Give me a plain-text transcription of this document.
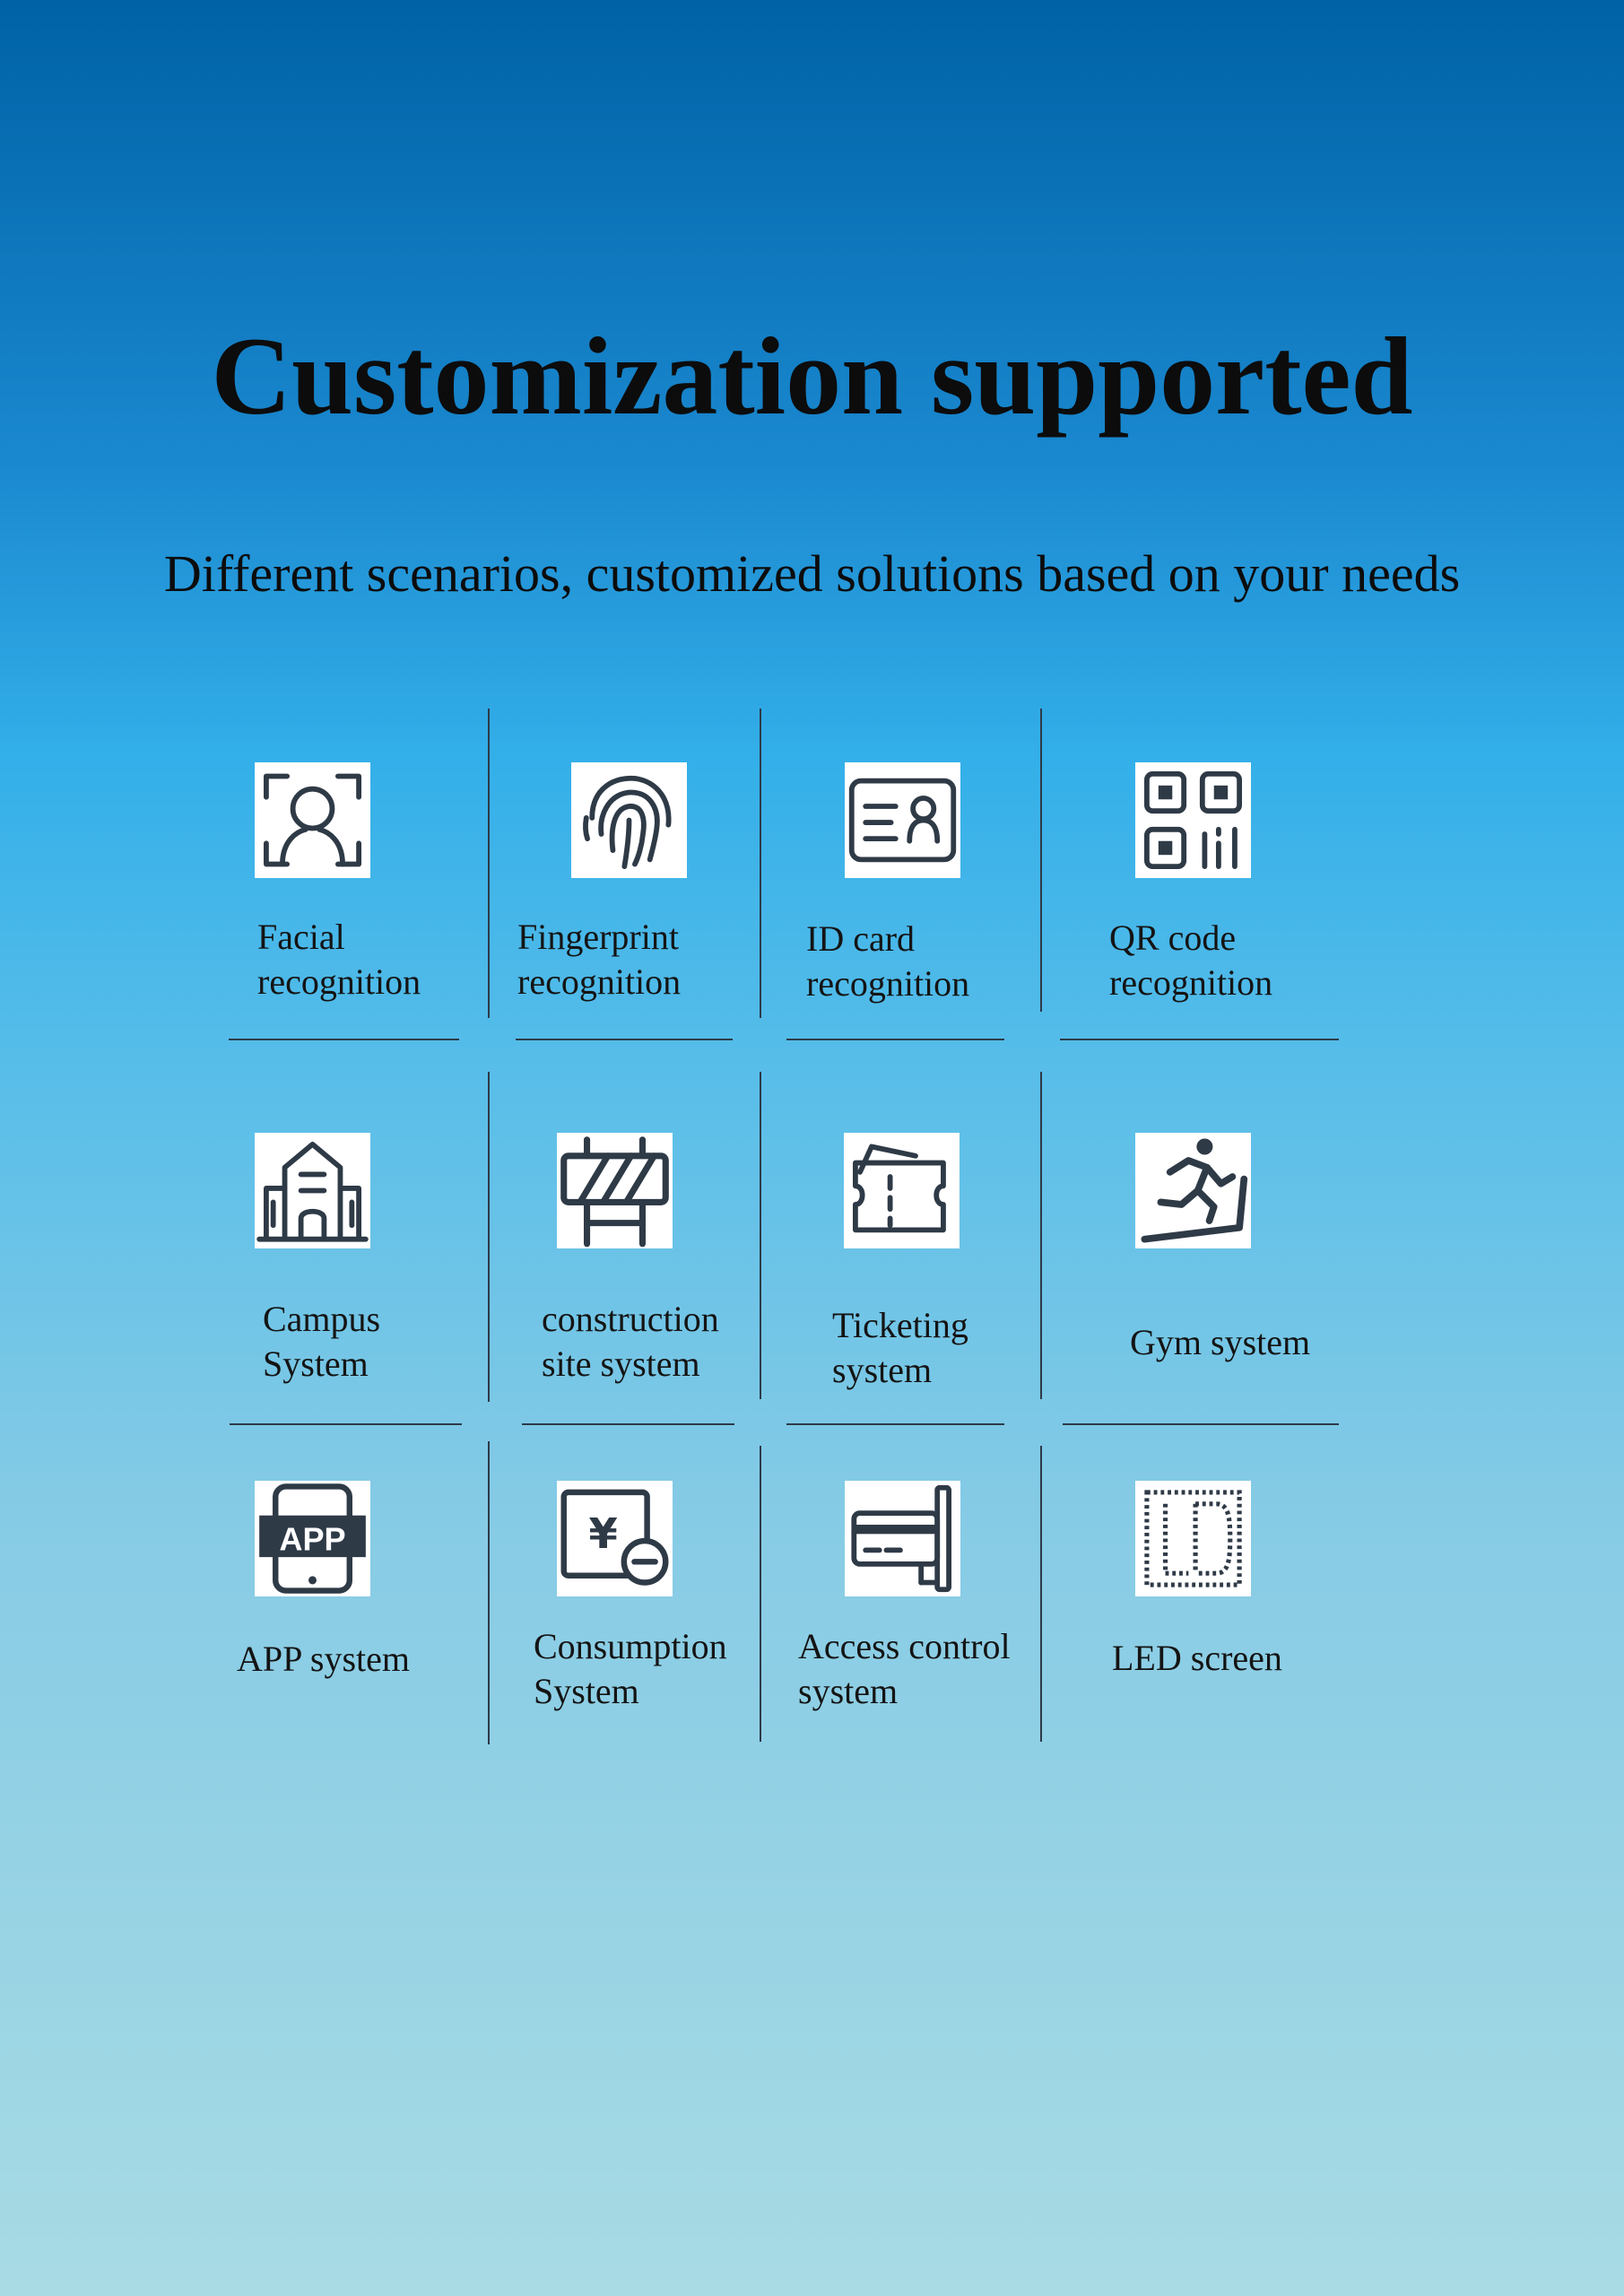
Customization supported
Different scenarios, customized solutions based on your needs
APP	¥
Facial
recognition
Fingerprint
recognition
ID card
recognition
QR code
recognition
Campus
System
construction
site system
Ticketing
system
Gym system
APP system	Consumption
System
Access control
system
LED screen
